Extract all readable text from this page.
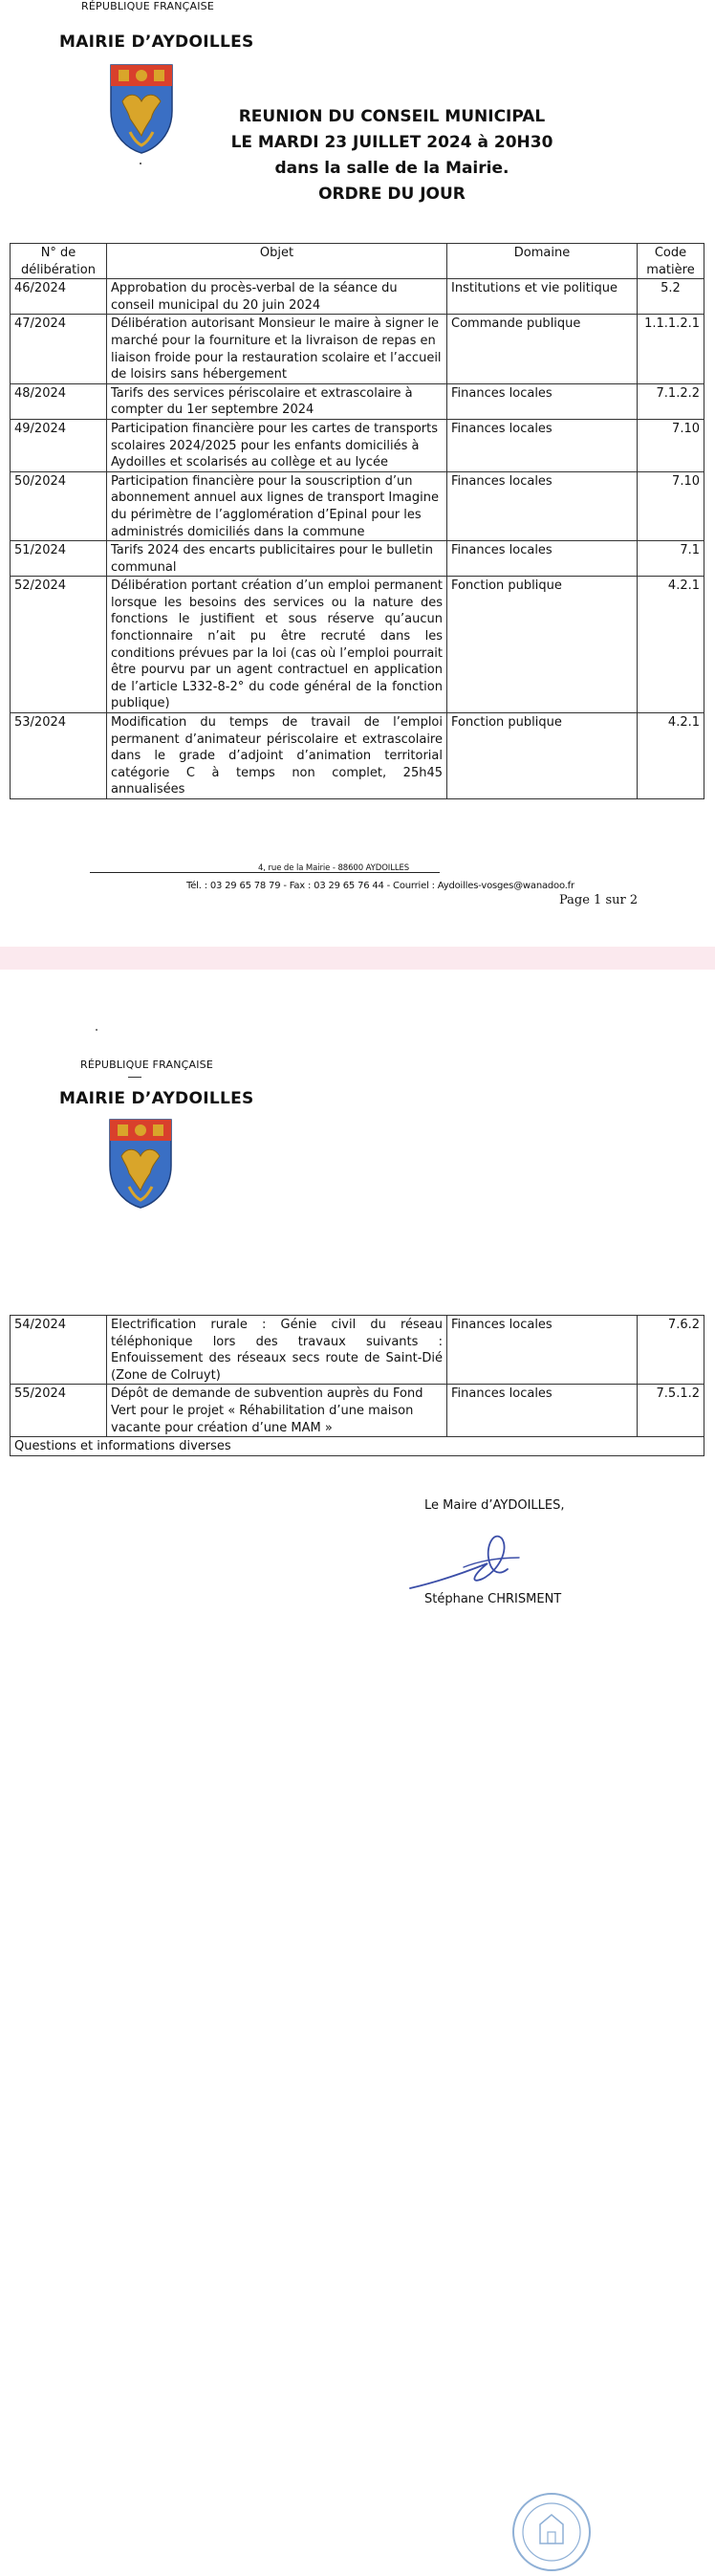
RÉPUBLIQUE FRANÇAISE
MAIRIE D’AYDOILLES
REUNION DU CONSEIL MUNICIPAL
LE MARDI 23 JUILLET 2024 à 20H30
dans la salle de la Mairie.
ORDRE DU JOUR
N° de délibération	Objet	Domaine	Code matière
46/2024	Approbation du procès-verbal de la séance du conseil municipal du 20 juin 2024	Institutions et vie politique	5.2
47/2024	Délibération autorisant Monsieur le maire à signer le marché pour la fourniture et la livraison de repas en liaison froide pour la restauration scolaire et l’accueil de loisirs sans hébergement	Commande publique	1.1.1.2.1
48/2024	Tarifs des services périscolaire et extrascolaire à compter du 1er septembre 2024	Finances locales	7.1.2.2
49/2024	Participation financière pour les cartes de transports scolaires 2024/2025 pour les enfants domiciliés à Aydoilles et scolarisés au collège et au lycée	Finances locales	7.10
50/2024	Participation financière pour la souscription d’un abonnement annuel aux lignes de transport Imagine du périmètre de l’agglomération d’Epinal pour les administrés domiciliés dans la commune	Finances locales	7.10
51/2024	Tarifs 2024 des encarts publicitaires pour le bulletin communal	Finances locales	7.1
52/2024	Délibération portant création d’un emploi permanent lorsque les besoins des services ou la nature des fonctions le justifient et sous réserve qu’aucun fonctionnaire n’ait pu être recruté dans les conditions prévues par la loi (cas où l’emploi pourrait être pourvu par un agent contractuel en application de l’article L332-8-2° du code général de la fonction publique)	Fonction publique	4.2.1
53/2024	Modification du temps de travail de l’emploi permanent d’animateur périscolaire et extrascolaire dans le grade d’adjoint d’animation territorial catégorie C à temps non complet, 25h45 annualisées	Fonction publique	4.2.1
4, rue de la Mairie - 88600 AYDOILLES
Tél. : 03 29 65 78 79 - Fax : 03 29 65 76 44 - Courriel : Aydoilles-vosges@wanadoo.fr
Page 1 sur 2
RÉPUBLIQUE FRANÇAISE
MAIRIE D’AYDOILLES
54/2024	Electrification rurale : Génie civil du réseau téléphonique lors des travaux suivants : Enfouissement des réseaux secs route de Saint-Dié (Zone de Colruyt)	Finances locales	7.6.2
55/2024	Dépôt de demande de subvention auprès du Fond Vert pour le projet « Réhabilitation d’une maison vacante pour création d’une MAM »	Finances locales	7.5.1.2
Questions et informations diverses			
Le Maire d’AYDOILLES,
Stéphane CHRISMENT
